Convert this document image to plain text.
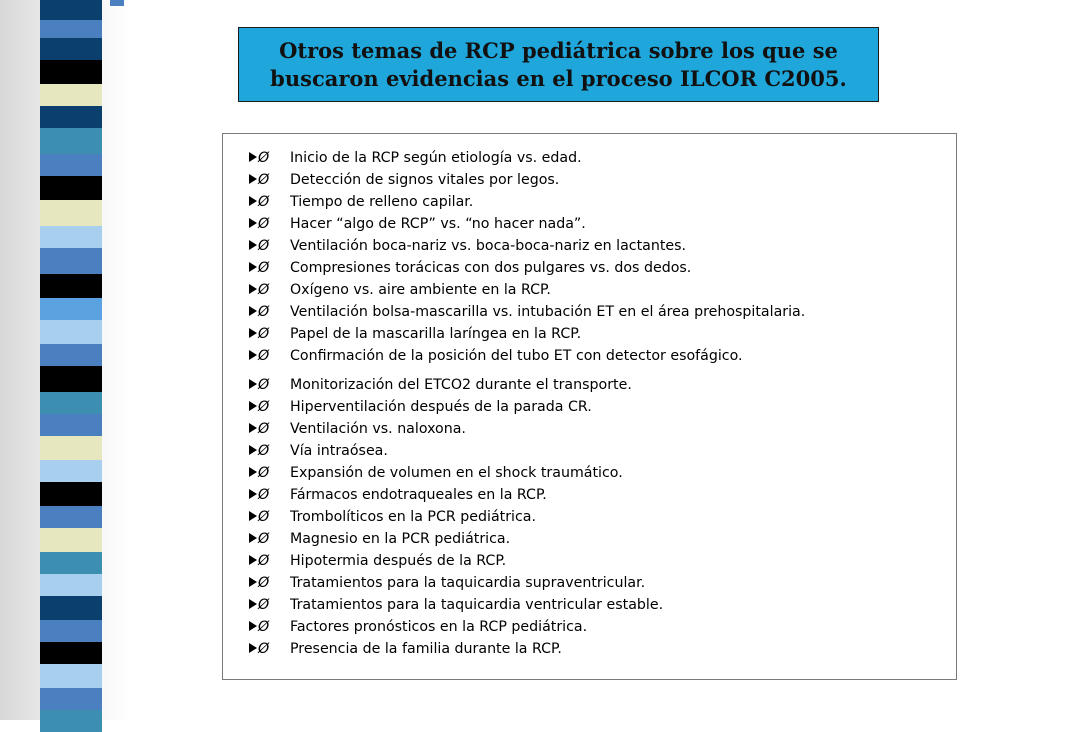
Otros temas de RCP pediátrica sobre los que se
buscaron evidencias en el proceso ILCOR C2005.
Ø Inicio de la RCP según etiología vs. edad.
Ø Detección de signos vitales por legos.
Ø Tiempo de relleno capilar.
Ø Hacer “algo de RCP” vs. “no hacer nada”.
Ø Ventilación boca-nariz vs. boca-boca-nariz en lactantes.
Ø Compresiones torácicas con dos pulgares vs. dos dedos.
Ø Oxígeno vs. aire ambiente en la RCP.
Ø Ventilación bolsa-mascarilla vs. intubación ET en el área prehospitalaria.
Ø Papel de la mascarilla laríngea en la RCP.
Ø Confirmación de la posición del tubo ET con detector esofágico.
Ø Monitorización del ETCO2 durante el transporte.
Ø Hiperventilación después de la parada CR.
Ø Ventilación vs. naloxona.
Ø Vía intraósea.
Ø Expansión de volumen en el shock traumático.
Ø Fármacos endotraqueales en la RCP.
Ø Trombolíticos en la PCR pediátrica.
Ø Magnesio en la PCR pediátrica.
Ø Hipotermia después de la RCP.
Ø Tratamientos para la taquicardia supraventricular.
Ø Tratamientos para la taquicardia ventricular estable.
Ø Factores pronósticos en la RCP pediátrica.
Ø Presencia de la familia durante la RCP.
